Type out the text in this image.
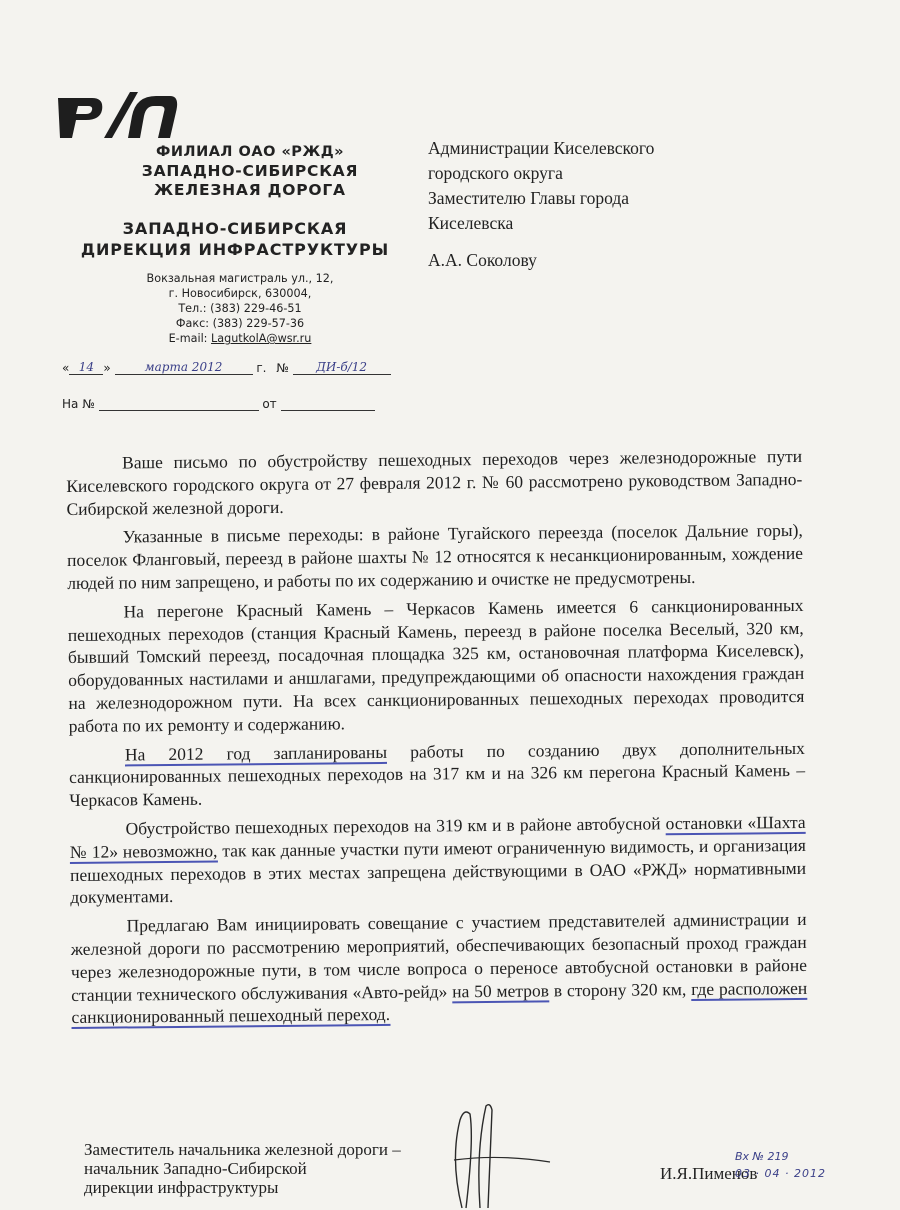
ФИЛИАЛ ОАО «РЖД»
ЗАПАДНО-СИБИРСКАЯ
ЖЕЛЕЗНАЯ ДОРОГА
ЗАПАДНО-СИБИРСКАЯ
ДИРЕКЦИЯ ИНФРАСТРУКТУРЫ
Вокзальная магистраль ул., 12,
г. Новосибирск, 630004,
Тел.: (383) 229-46-51
Факс: (383) 229-57-36
E-mail: LagutkolA@wsr.ru
« 14 »	марта 2012	г. № ДИ-б/12
На №	от
Администрации Киселевского
городского округа
Заместителю Главы города
Киселевска
А.А. Соколову

Ваше письмо по обустройству пешеходных переходов через железнодорожные пути Киселевского городского округа от 27 февраля 2012 г. № 60 рассмотрено руководством Западно-Сибирской железной дороги.

Указанные в письме переходы: в районе Тугайского переезда (поселок Дальние горы), поселок Фланговый, переезд в районе шахты № 12 относятся к несанкционированным, хождение людей по ним запрещено, и работы по их содержанию и очистке не предусмотрены.

На перегоне Красный Камень – Черкасов Камень имеется 6 санкционированных пешеходных переходов (станция Красный Камень, переезд в районе поселка Веселый, 320 км, бывший Томский переезд, посадочная площадка 325 км, остановочная платформа Киселевск), оборудованных настилами и аншлагами, предупреждающими об опасности нахождения граждан на железнодорожном пути. На всех санкционированных пешеходных переходах проводится работа по их ремонту и содержанию.

На 2012 год запланированы работы по созданию двух дополнительных санкционированных пешеходных переходов на 317 км и на 326 км перегона Красный Камень – Черкасов Камень.

Обустройство пешеходных переходов на 319 км и в районе автобусной остановки «Шахта № 12» невозможно, так как данные участки пути имеют ограниченную видимость, и организация пешеходных переходов в этих местах запрещена действующими в ОАО «РЖД» нормативными документами.

Предлагаю Вам инициировать совещание с участием представителей администрации и железной дороги по рассмотрению мероприятий, обеспечивающих безопасный проход граждан через железнодорожные пути, в том числе вопроса о переносе автобусной остановки в районе станции технического обслуживания «Авто-рейд» на 50 метров в сторону 320 км, где расположен санкционированный пешеходный переход.

Заместитель начальника железной дороги –
начальник Западно-Сибирской
дирекции инфраструктуры
И.Я.Пименов
Вх № 219
03 · 04 · 2012
